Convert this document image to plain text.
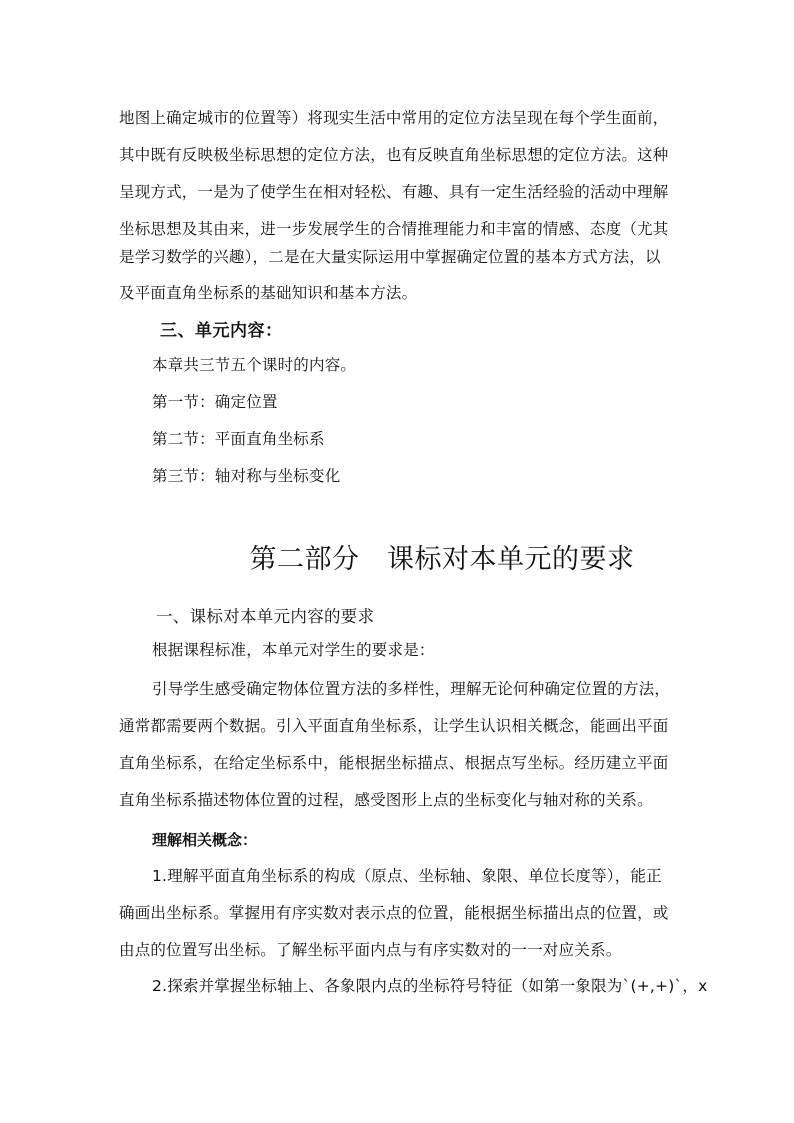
地图上确定城市的位置等）将现实生活中常用的定位方法呈现在每个学生面前，
其中既有反映极坐标思想的定位方法，也有反映直角坐标思想的定位方法。这种
呈现方式，一是为了使学生在相对轻松、有趣、具有一定生活经验的活动中理解
坐标思想及其由来，进一步发展学生的合情推理能力和丰富的情感、态度（尤其
是学习数学的兴趣），二是在大量实际运用中掌握确定位置的基本方式方法，以
及平面直角坐标系的基础知识和基本方法。
三、单元内容：
本章共三节五个课时的内容。
第一节：确定位置
第二节：平面直角坐标系
第三节：轴对称与坐标变化
第二部分　课标对本单元的要求
一、课标对本单元内容的要求
根据课程标准，本单元对学生的要求是：
引导学生感受确定物体位置方法的多样性，理解无论何种确定位置的方法，
通常都需要两个数据。引入平面直角坐标系，让学生认识相关概念，能画出平面
直角坐标系，在给定坐标系中，能根据坐标描点、根据点写坐标。经历建立平面
直角坐标系描述物体位置的过程，感受图形上点的坐标变化与轴对称的关系。
理解相关概念：
1.理解平面直角坐标系的构成（原点、坐标轴、象限、单位长度等），能正
确画出坐标系。掌握用有序实数对表示点的位置，能根据坐标描出点的位置，或
由点的位置写出坐标。了解坐标平面内点与有序实数对的一一对应关系。
2.探索并掌握坐标轴上、各象限内点的坐标符号特征（如第一象限为`(+,+)`，x
